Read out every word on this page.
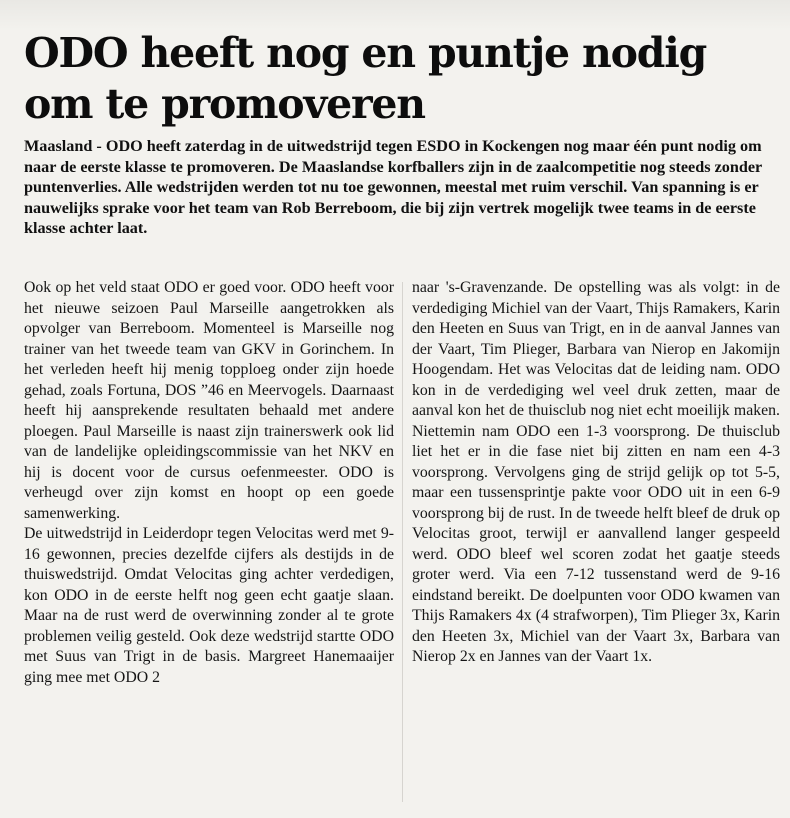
ODO heeft nog en puntje nodig om te promoveren

Maasland - ODO heeft zaterdag in de uitwedstrijd tegen ESDO in Kockengen nog maar één punt nodig om naar de eerste klasse te promoveren. De Maaslandse korfballers zijn in de zaalcompetitie nog steeds zonder puntenverlies. Alle wedstrijden werden tot nu toe gewonnen, meestal met ruim verschil. Van spanning is er nauwelijks sprake voor het team van Rob Berreboom, die bij zijn vertrek mogelijk twee teams in de eerste klasse achter laat.

Ook op het veld staat ODO er goed voor. ODO heeft voor het nieuwe seizoen Paul Marseille aangetrokken als opvolger van Berreboom. Momenteel is Marseille nog trainer van het tweede team van GKV in Gorinchem. In het verleden heeft hij menig topploeg onder zijn hoede gehad, zoals Fortuna, DOS ”46 en Meervogels. Daarnaast heeft hij aansprekende resultaten behaald met andere ploegen. Paul Marseille is naast zijn trainerswerk ook lid van de landelijke opleidingscommissie van het NKV en hij is docent voor de cursus oefenmeester. ODO is verheugd over zijn komst en hoopt op een goede samenwerking.

De uitwedstrijd in Leiderdopr tegen Velocitas werd met 9-16 gewonnen, precies dezelfde cijfers als destijds in de thuiswedstrijd. Omdat Velocitas ging achter verdedigen, kon ODO in de eerste helft nog geen echt gaatje slaan. Maar na de rust werd de overwinning zonder al te grote problemen veilig gesteld. Ook deze wedstrijd startte ODO met Suus van Trigt in de basis. Margreet Hanemaaijer ging mee met ODO 2

naar 's-Gravenzande. De opstelling was als volgt: in de verdediging Michiel van der Vaart, Thijs Ramakers, Karin den Heeten en Suus van Trigt, en in de aanval Jannes van der Vaart, Tim Plieger, Barbara van Nierop en Jakomijn Hoogendam. Het was Velocitas dat de leiding nam. ODO kon in de verdediging wel veel druk zetten, maar de aanval kon het de thuisclub nog niet echt moeilijk maken. Niettemin nam ODO een 1-3 voorsprong. De thuisclub liet het er in die fase niet bij zitten en nam een 4-3 voorsprong. Vervolgens ging de strijd gelijk op tot 5-5, maar een tussensprintje pakte voor ODO uit in een 6-9 voorsprong bij de rust. In de tweede helft bleef de druk op Velocitas groot, terwijl er aanvallend langer gespeeld werd. ODO bleef wel scoren zodat het gaatje steeds groter werd. Via een 7-12 tussenstand werd de 9-16 eindstand bereikt. De doelpunten voor ODO kwamen van Thijs Ramakers 4x (4 strafworpen), Tim Plieger 3x, Karin den Heeten 3x, Michiel van der Vaart 3x, Barbara van Nierop 2x en Jannes van der Vaart 1x.
